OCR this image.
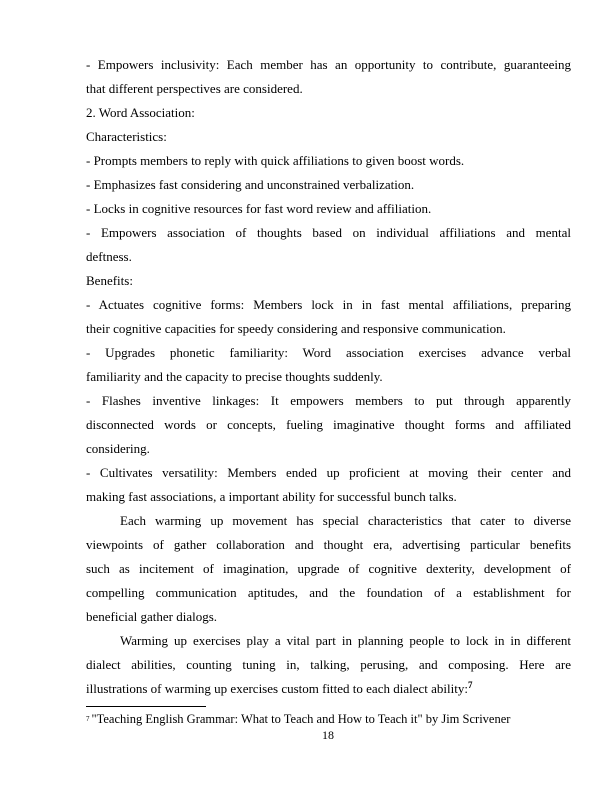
- Empowers inclusivity: Each member has an opportunity to contribute, guaranteeing
that different perspectives are considered.
2. Word Association:
Characteristics:
- Prompts members to reply with quick affiliations to given boost words.
- Emphasizes fast considering and unconstrained verbalization.
- Locks in cognitive resources for fast word review and affiliation.
- Empowers association of thoughts based on individual affiliations and mental
deftness.
Benefits:
- Actuates cognitive forms: Members lock in in fast mental affiliations, preparing
their cognitive capacities for speedy considering and responsive communication.
- Upgrades phonetic familiarity: Word association exercises advance verbal
familiarity and the capacity to precise thoughts suddenly.
- Flashes inventive linkages: It empowers members to put through apparently
disconnected words or concepts, fueling imaginative thought forms and affiliated
considering.
- Cultivates versatility: Members ended up proficient at moving their center and
making fast associations, a important ability for successful bunch talks.
Each warming up movement has special characteristics that cater to diverse
viewpoints of gather collaboration and thought era, advertising particular benefits
such as incitement of imagination, upgrade of cognitive dexterity, development of
compelling communication aptitudes, and the foundation of a establishment for
beneficial gather dialogs.
Warming up exercises play a vital part in planning people to lock in in different
dialect abilities, counting tuning in, talking, perusing, and composing. Here are
illustrations of warming up exercises custom fitted to each dialect ability:$^7$
$^7$ "Teaching English Grammar: What to Teach and How to Teach it" by Jim Scrivener
18
